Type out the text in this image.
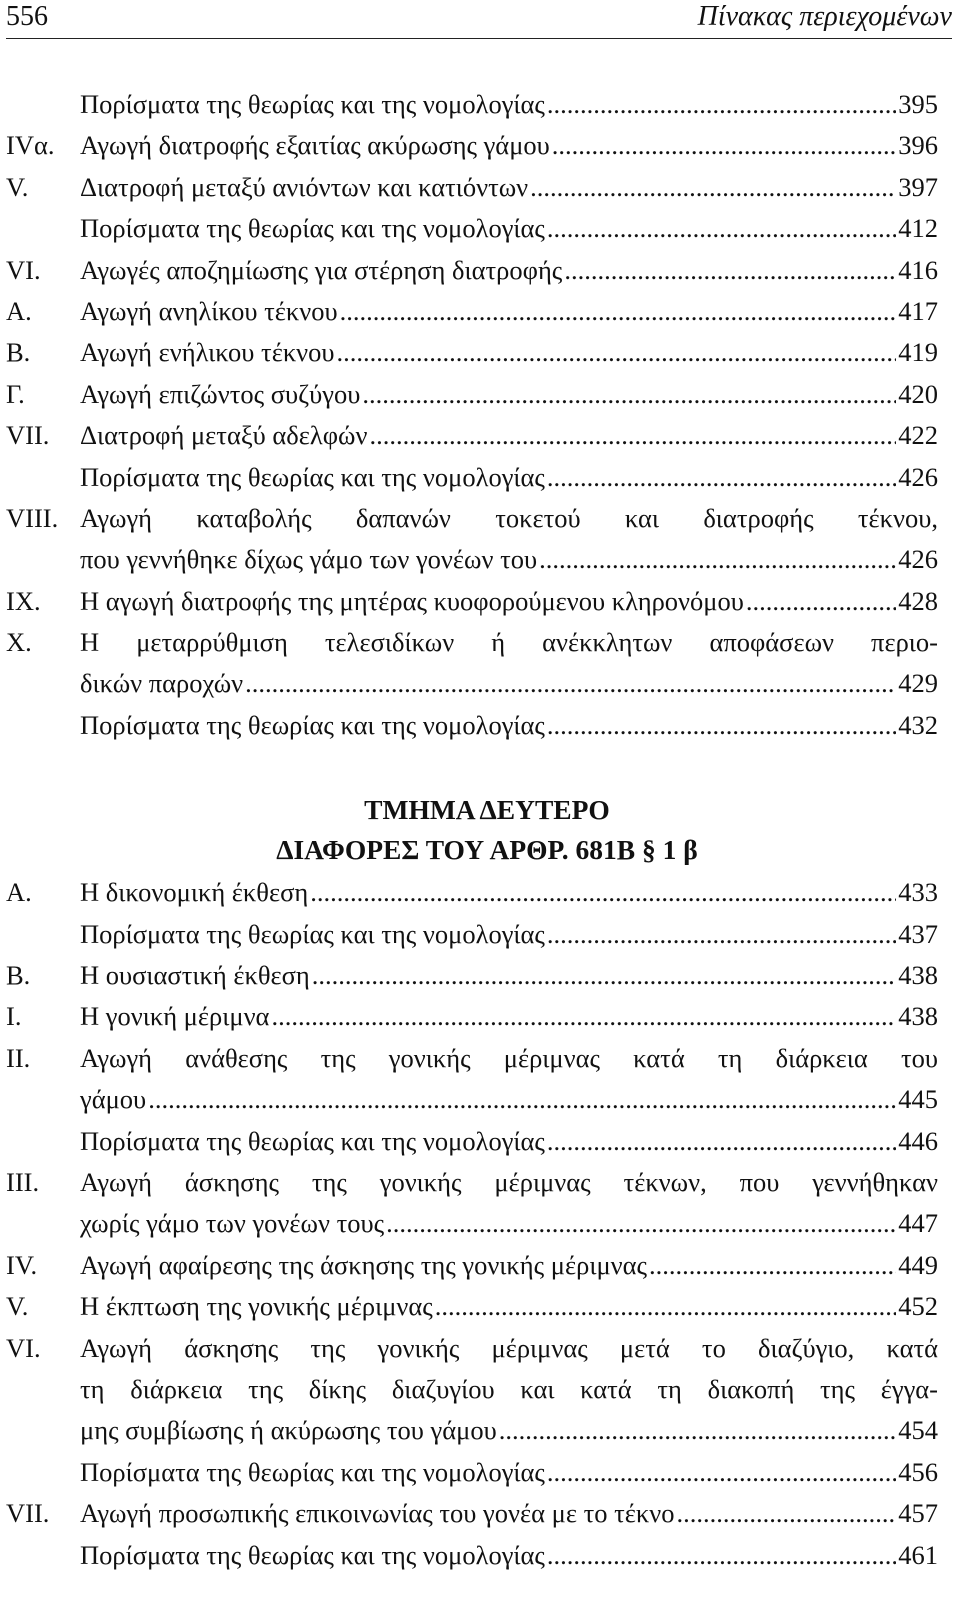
556	Πίνακας περιεχομένων
Πορίσματα της θεωρίας και της νομολογίας .....	395
IVα. Αγωγή διατροφής εξαιτίας ακύρωσης γάμου .....	396
V.	Διατροφή μεταξύ ανιόντων και κατιόντων .....	397
Πορίσματα της θεωρίας και της νομολογίας .....	412
VI.	Αγωγές αποζημίωσης για στέρηση διατροφής .....	416
Α.	Αγωγή ανηλίκου τέκνου .....	417
Β.	Αγωγή ενήλικου τέκνου .....	419
Γ.	Αγωγή επιζώντος συζύγου .....	420
VII.	Διατροφή μεταξύ αδελφών .....	422
Πορίσματα της θεωρίας και της νομολογίας .....	426
VIII. Αγωγή καταβολής δαπανών τοκετού και διατροφής τέκνου,
που γεννήθηκε δίχως γάμο των γονέων του .....	426
IX.	Η αγωγή διατροφής της μητέρας κυοφορούμενου κληρονόμου .....	428
X.	Η μεταρρύθμιση τελεσιδίκων ή ανέκκλητων αποφάσεων περιο-
δικών παροχών .....	429
Πορίσματα της θεωρίας και της νομολογίας .....	432
ΤΜΗΜΑ ΔΕΥΤΕΡΟ
ΔΙΑΦΟΡΕΣ ΤΟΥ ΑΡΘΡ. 681Β § 1 β
Α.	Η δικονομική έκθεση .....	433
Πορίσματα της θεωρίας και της νομολογίας .....	437
Β.	Η ουσιαστική έκθεση .....	438
I.	Η γονική μέριμνα .....	438
II.	Αγωγή ανάθεσης της γονικής μέριμνας κατά τη διάρκεια του
γάμου .....	445
Πορίσματα της θεωρίας και της νομολογίας .....	446
III.	Αγωγή άσκησης της γονικής μέριμνας τέκνων, που γεννήθηκαν
χωρίς γάμο των γονέων τους .....	447
IV.	Αγωγή αφαίρεσης της άσκησης της γονικής μέριμνας .....	449
V.	Η έκπτωση της γονικής μέριμνας .....	452
VI.	Αγωγή άσκησης της γονικής μέριμνας μετά το διαζύγιο, κατά
τη διάρκεια της δίκης διαζυγίου και κατά τη διακοπή της έγγα-
μης συμβίωσης ή ακύρωσης του γάμου .....	454
Πορίσματα της θεωρίας και της νομολογίας .....	456
VII.	Αγωγή προσωπικής επικοινωνίας του γονέα με το τέκνο .....	457
Πορίσματα της θεωρίας και της νομολογίας .....	461
